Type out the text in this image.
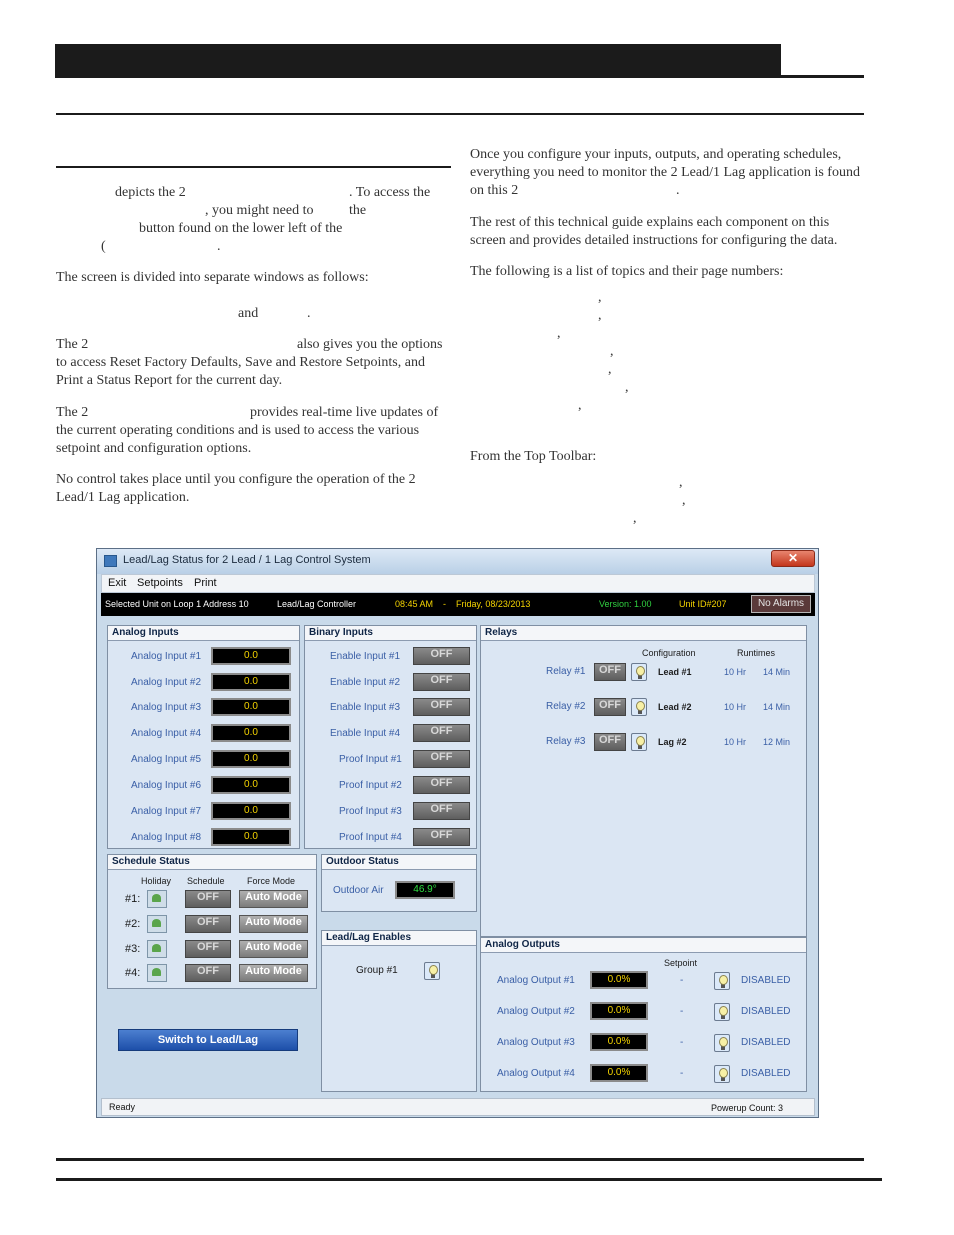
depicts the 2	. To access the
, you might need to	the
button found on the lower left of the
(	.
The screen is divided into separate windows as follows:
and	.
The 2	also gives you the options
to access Reset Factory Defaults, Save and Restore Setpoints, and
Print a Status Report for the current day.
The 2	provides real-time live updates of
the current operating conditions and is used to access the various
setpoint and configuration options.
No control takes place until you configure the operation of the 2
Lead/1 Lag application.
Once you configure your inputs, outputs, and operating schedules,
everything you need to monitor the 2 Lead/1 Lag application is found
on this 2	.
The rest of this technical guide explains each component on this
screen and provides detailed instructions for configuring the data.
The following is a list of topics and their page numbers:
,
,
,
,
,
,
,
From the Top Toolbar:
,
,
,
Lead/Lag Status for 2 Lead / 1 Lag Control System	✕
Exit Setpoints Print
Selected Unit on Loop 1 Address 10	Lead/Lag Controller	08:45 AM - Friday, 08/23/2013	Version: 1.00	Unit ID#207	No Alarms
Analog Inputs
Analog Input #1	0.0
Analog Input #2	0.0
Analog Input #3	0.0
Analog Input #4	0.0
Analog Input #5	0.0
Analog Input #6	0.0
Analog Input #7	0.0
Analog Input #8	0.0
Binary Inputs
Enable Input #1	OFF
Enable Input #2	OFF
Enable Input #3	OFF
Enable Input #4	OFF
Proof Input #1	OFF
Proof Input #2	OFF
Proof Input #3	OFF
Proof Input #4	OFF
Relays
Configuration	Runtimes
Relay #1	OFF	Lead #1	10 Hr 14 Min
Relay #2	OFF	Lead #2	10 Hr 14 Min
Relay #3	OFF	Lag #2	10 Hr 12 Min
Schedule Status
Holiday Schedule Force Mode
#1:	OFF	Auto Mode
#2:	OFF	Auto Mode
#3:	OFF	Auto Mode
#4:	OFF	Auto Mode
Switch to Lead/Lag
Outdoor Status
Outdoor Air	46.9°
Lead/Lag Enables
Group #1
Analog Outputs
Setpoint
Analog Output #1	0.0%	-	DISABLED
Analog Output #2	0.0%	-	DISABLED
Analog Output #3	0.0%	-	DISABLED
Analog Output #4	0.0%	-	DISABLED
Ready	Powerup Count: 3
